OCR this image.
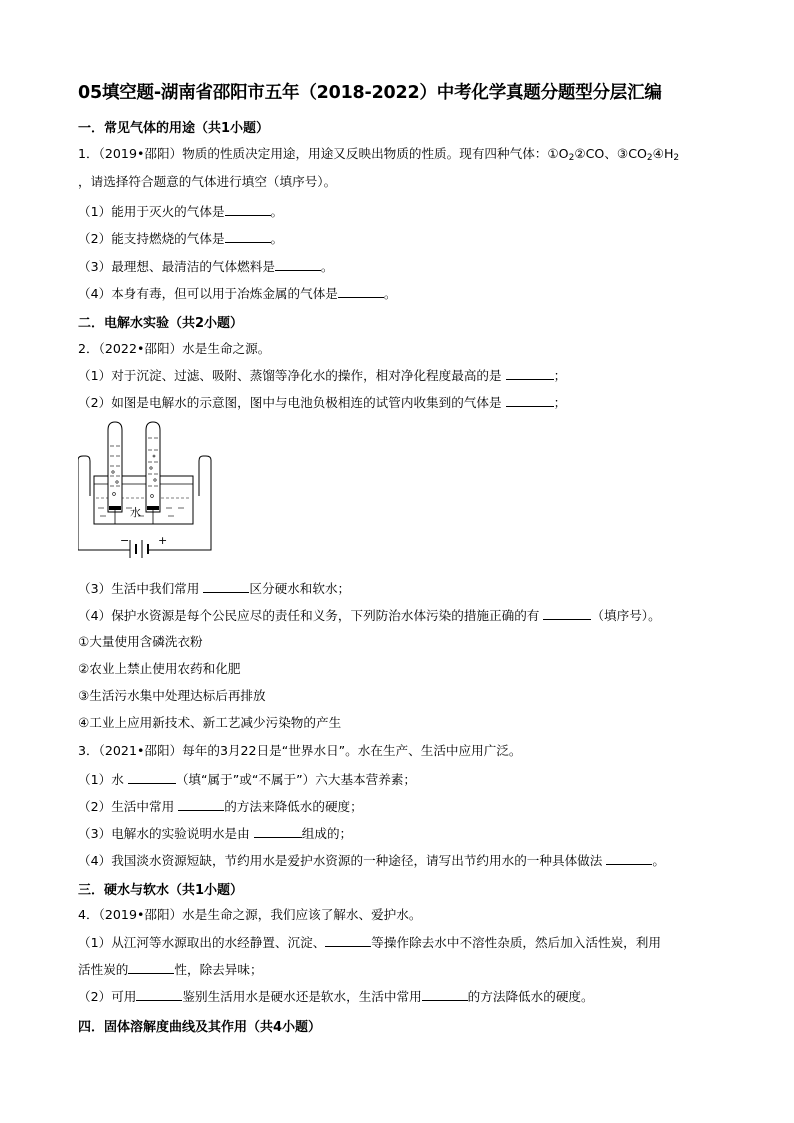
05填空题-湖南省邵阳市五年（2018-2022）中考化学真题分题型分层汇编
一．常见气体的用途（共1小题）
1．（2019•邵阳）物质的性质决定用途，用途又反映出物质的性质。现有四种气体：$①O_2②CO$、$③CO_2④H_2$
，请选择符合题意的气体进行填空（填序号）。
（1）能用于灭火的气体是	。
（2）能支持燃烧的气体是	。
（3）最理想、最清洁的气体燃料是	。
（4）本身有毒，但可以用于冶炼金属的气体是	。
二．电解水实验（共2小题）
2．（2022•邵阳）水是生命之源。
（1）对于沉淀、过滤、吸附、蒸馏等净化水的操作，相对净化程度最高的是	；
（2）如图是电解水的示意图，图中与电池负极相连的试管内收集到的气体是	；
水
−	+
（3）生活中我们常用	区分硬水和软水；
（4）保护水资源是每个公民应尽的责任和义务，下列防治水体污染的措施正确的有	（填序号）。
①大量使用含磷洗衣粉
②农业上禁止使用农药和化肥
③生活污水集中处理达标后再排放
④工业上应用新技术、新工艺减少污染物的产生
3．（2021•邵阳）每年的3月22日是“世界水日”。水在生产、生活中应用广泛。
（1）水	（填“属于”或“不属于”）六大基本营养素；
（2）生活中常用	的方法来降低水的硬度；
（3）电解水的实验说明水是由	组成的；
（4）我国淡水资源短缺，节约用水是爱护水资源的一种途径，请写出节约用水的一种具体做法	。
三．硬水与软水（共1小题）
4．（2019•邵阳）水是生命之源，我们应该了解水、爱护水。
（1）从江河等水源取出的水经静置、沉淀、	等操作除去水中不溶性杂质，然后加入活性炭，利用
活性炭的	性，除去异味；
（2）可用	鉴别生活用水是硬水还是软水，生活中常用	的方法降低水的硬度。
四．固体溶解度曲线及其作用（共4小题）
